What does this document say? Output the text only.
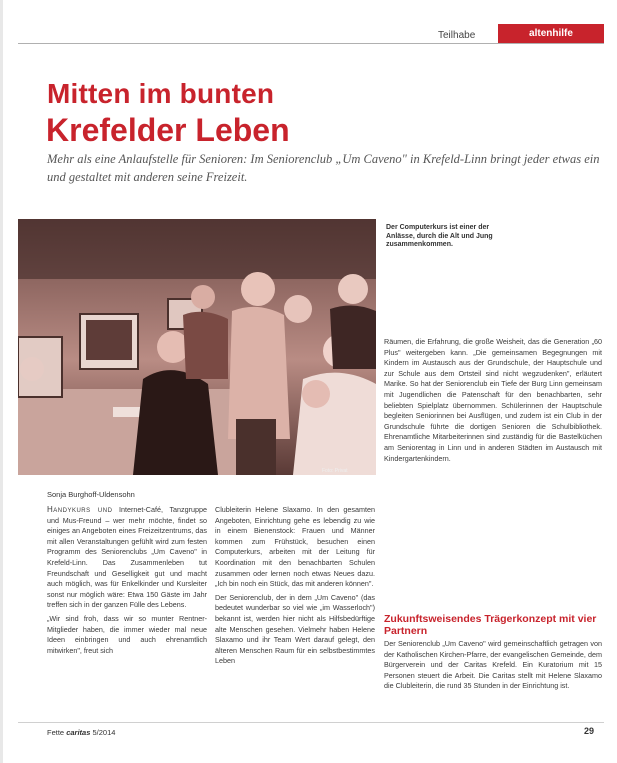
Teilhabe	altenhilfe
Mitten im bunten
Krefelder Leben
Mehr als eine Anlaufstelle für Senioren: Im Seniorenclub „Um Caveno" in Krefeld-Linn bringt jeder etwas ein und gestaltet mit anderen seine Freizeit.
Foto: Privat
Der Computerkurs ist einer der Anlässe, durch die Alt und Jung zusammenkommen.
Sonja Burghoff-Uldensohn

Handykurs und Internet-Café, Tanzgruppe und Mus-Freund – wer mehr möchte, findet so einiges an Angeboten eines Freizeitzentrums, das mit allen Veranstaltungen gefühlt wird zum festen Programm des Seniorenclubs „Um Caveno" in Krefeld-Linn. Das Zusammenleben tut Freundschaft und Geselligkeit gut und macht auch möglich, was für Enkelkinder und Kursleiter sonst nur möglich wäre: Etwa 150 Gäste im Jahr treffen sich in der ganzen Fülle des Lebens.

„Wir sind froh, dass wir so munter Rentner-Mitglieder haben, die immer wieder mal neue Ideen einbringen und auch ehrenamtlich mitwirken", freut sich

Clubleiterin Helene Slaxamo. In den gesamten Angeboten, Einrichtung gehe es lebendig zu wie in einem Bienenstock: Frauen und Männer kommen zum Frühstück, besuchen einen Computerkurs, arbeiten mit der Leitung für Koordination mit den benachbarten Schulen zusammen oder lernen noch etwas Neues dazu. „Ich bin noch ein Stück, das mit anderen können".

Der Seniorenclub, der in dem „Um Caveno" (das bedeutet wunderbar so viel wie „im Wasserloch") bekannt ist, werden hier nicht als Hilfsbedürftige alte Menschen gesehen. Vielmehr haben Helene Slaxamo und ihr Team Wert darauf gelegt, den älteren Menschen Raum für ein selbstbestimmtes Leben

Räumen, die Erfahrung, die große Weisheit, das die Generation „60 Plus" weitergeben kann. „Die gemeinsamen Begegnungen mit Kindern im Austausch aus der Grundschule, der Hauptschule und zur Schule aus dem Ortsteil sind nicht wegzudenken", erläutert Marike. So hat der Seniorenclub ein Tiefe der Burg Linn gemeinsam mit Jugendlichen die Patenschaft für den benachbarten, sehr beliebten Spielplatz übernommen. Schülerinnen der Hauptschule begleiten Seniorinnen bei Ausflügen, und zudem ist ein Club in der Grundschule führte die dortigen Senioren die Schulbibliothek. Ehrenamtliche Mitarbeiterinnen sind zuständig für die Bastelküchen am Seniorentag in Linn und in anderen Städten im Austausch mit Kindergartenkindern.

Zukunftsweisendes Trägerkonzept mit vier Partnern

Der Seniorenclub „Um Caveno" wird gemeinschaftlich getragen von der Katholischen Kirchen-Pfarre, der evangelischen Gemeinde, dem Bürgerverein und der Caritas Krefeld. Ein Kuratorium mit 15 Personen steuert die Arbeit. Die Caritas stellt mit Helene Slaxamo die Clubleiterin, die rund 35 Stunden in der Einrichtung ist.

Fette caritas 5/2014	29
